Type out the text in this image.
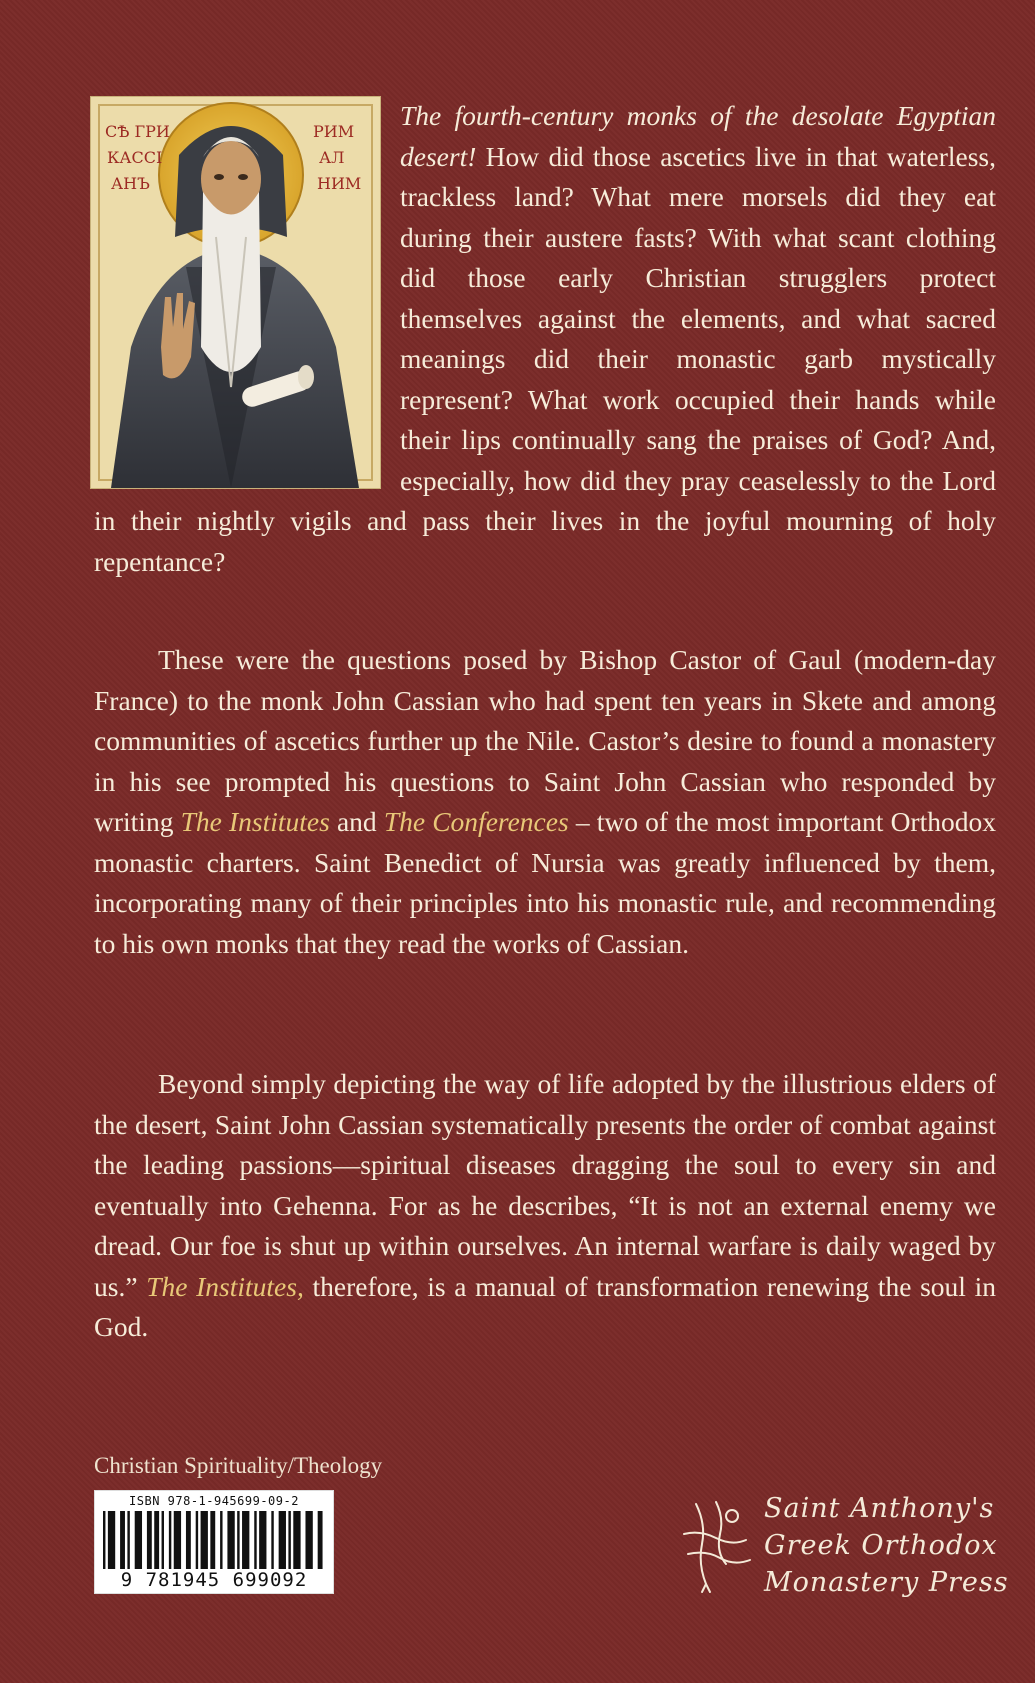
СѢ ГРИ
КАССІ
АНЪ
РИМ
АЛ
НИМ
The fourth-century monks of the desolate Egyptian desert! How did those ascetics live in that waterless, trackless land? What mere morsels did they eat during their austere fasts? With what scant clothing did those early Christian strugglers protect themselves against the elements, and what sacred meanings did their monastic garb mystically represent? What work occupied their hands while their lips continually sang the praises of God? And, especially, how did they pray ceaselessly to the Lord in their nightly vigils and pass their lives in the joyful mourning of holy repentance?
These were the questions posed by Bishop Castor of Gaul (modern-day France) to the monk John Cassian who had spent ten years in Skete and among communities of ascetics further up the Nile. Castor’s desire to found a monastery in his see prompted his questions to Saint John Cassian who responded by writing The Institutes and The Conferences – two of the most important Orthodox monastic charters. Saint Benedict of Nursia was greatly influenced by them, incorporating many of their principles into his monastic rule, and recommending to his own monks that they read the works of Cassian.
Beyond simply depicting the way of life adopted by the illustrious elders of the desert, Saint John Cassian systematically presents the order of combat against the leading passions—spiritual diseases dragging the soul to every sin and eventually into Gehenna. For as he describes, “It is not an external enemy we dread. Our foe is shut up within ourselves. An internal warfare is daily waged by us.” The Institutes, therefore, is a manual of transformation renewing the soul in God.
Christian Spirituality/Theology
ISBN 978-1-945699-09-2
9 781945 699092
Saint Anthony's
Greek Orthodox
Monastery Press
